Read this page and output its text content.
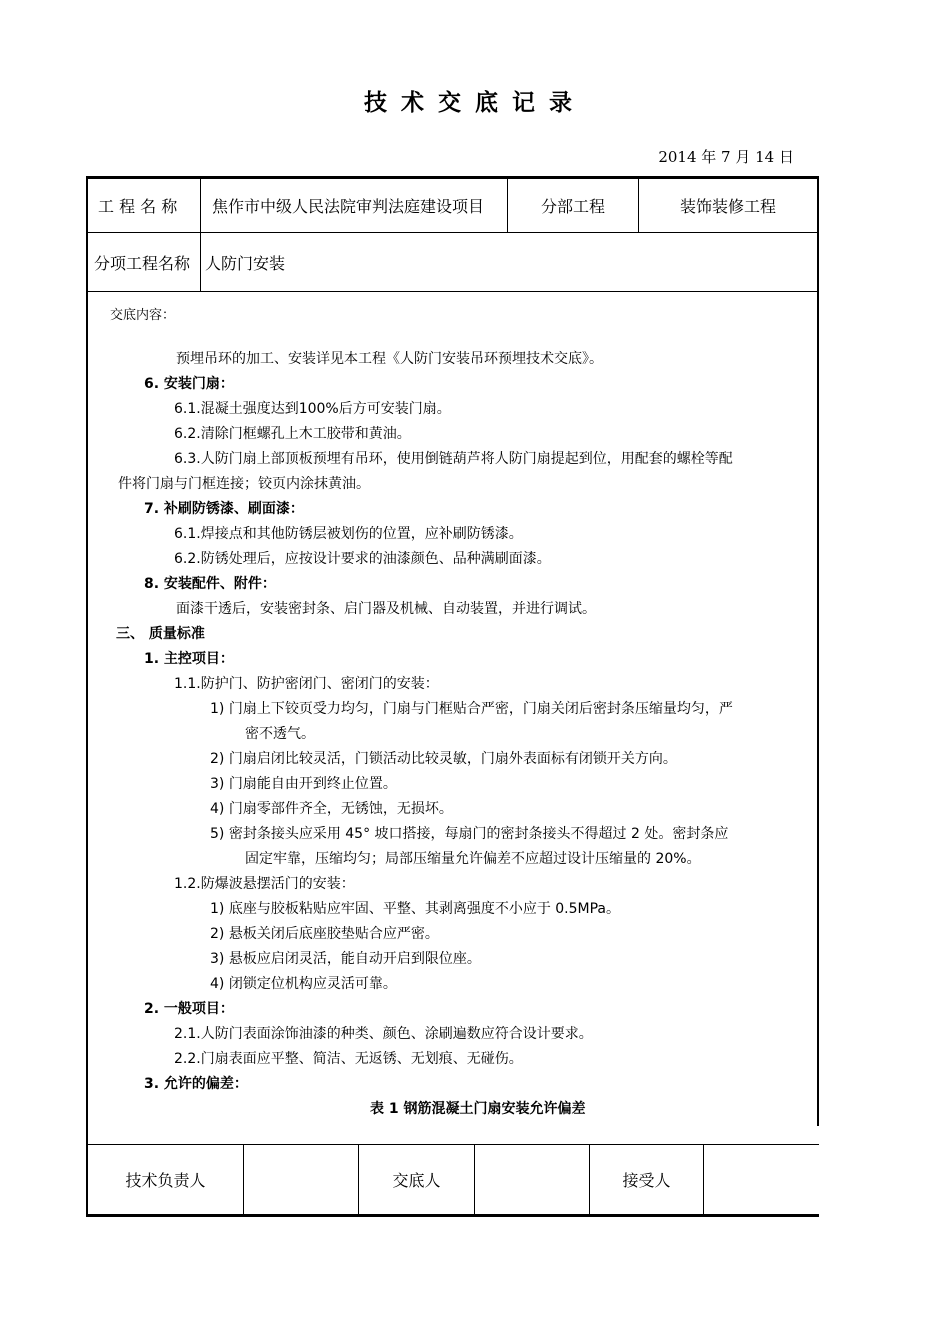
技术交底记录
2014 年 7 月 14 日
工 程 名 称	焦作市中级人民法院审判法庭建设项目	分部工程	装饰装修工程
分项工程名称 人防门安装
交底内容：
预埋吊环的加工、安装详见本工程《人防门安装吊环预埋技术交底》。
6. 安装门扇：
6.1.混凝土强度达到100%后方可安装门扇。
6.2.清除门框螺孔上木工胶带和黄油。
6.3.人防门扇上部顶板预埋有吊环，使用倒链葫芦将人防门扇提起到位，用配套的螺栓等配
件将门扇与门框连接；铰页内涂抹黄油。
7. 补刷防锈漆、刷面漆：
6.1.焊接点和其他防锈层被划伤的位置，应补刷防锈漆。
6.2.防锈处理后，应按设计要求的油漆颜色、品种满刷面漆。
8. 安装配件、附件：
面漆干透后，安装密封条、启门器及机械、自动装置，并进行调试。
三、 质量标准
1. 主控项目：
1.1.防护门、防护密闭门、密闭门的安装：
1) 门扇上下铰页受力均匀，门扇与门框贴合严密，门扇关闭后密封条压缩量均匀，严
密不透气。
2) 门扇启闭比较灵活，门锁活动比较灵敏，门扇外表面标有闭锁开关方向。
3) 门扇能自由开到终止位置。
4) 门扇零部件齐全，无锈蚀，无损坏。
5) 密封条接头应采用 45° 坡口搭接，每扇门的密封条接头不得超过 2 处。密封条应
固定牢靠，压缩均匀；局部压缩量允许偏差不应超过设计压缩量的 20%。
1.2.防爆波悬摆活门的安装：
1) 底座与胶板粘贴应牢固、平整、其剥离强度不小应于 0.5MPa。
2) 悬板关闭后底座胶垫贴合应严密。
3) 悬板应启闭灵活，能自动开启到限位座。
4) 闭锁定位机构应灵活可靠。
2. 一般项目：
2.1.人防门表面涂饰油漆的种类、颜色、涂刷遍数应符合设计要求。
2.2.门扇表面应平整、简洁、无返锈、无划痕、无碰伤。
3. 允许的偏差：
表 1 钢筋混凝土门扇安装允许偏差
技术负责人	交底人	接受人
